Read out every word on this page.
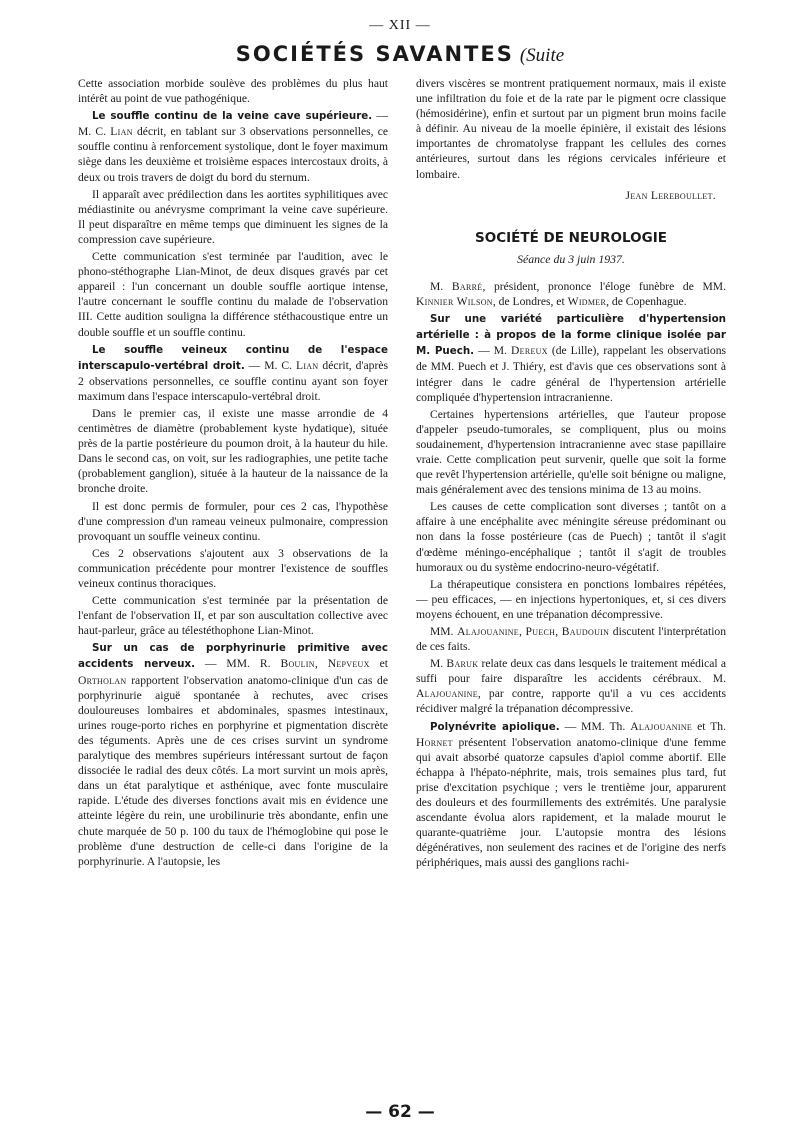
— XII —
SOCIÉTÉS SAVANTES (Suite

Cette association morbide soulève des problèmes du plus haut intérêt au point de vue pathogénique.

Le souffle continu de la veine cave supérieure. — M. C. Lian décrit, en tablant sur 3 observations personnelles, ce souffle continu à renforcement systolique, dont le foyer maximum siège dans les deuxième et troisième espaces intercostaux droits, à deux ou trois travers de doigt du bord du sternum.

Il apparaît avec prédilection dans les aortites syphilitiques avec médiastinite ou anévrysme comprimant la veine cave supérieure. Il peut disparaître en même temps que diminuent les signes de la compression cave supérieure.

Cette communication s'est terminée par l'audition, avec le phono-stéthographe Lian-Minot, de deux disques gravés par cet appareil : l'un concernant un double souffle aortique intense, l'autre concernant le souffle continu du malade de l'observation III. Cette audition souligna la différence stéthacoustique entre un double souffle et un souffle continu.

Le souffle veineux continu de l'espace interscapulo-vertébral droit. — M. C. Lian décrit, d'après 2 observations personnelles, ce souffle continu ayant son foyer maximum dans l'espace interscapulo-vertébral droit.

Dans le premier cas, il existe une masse arrondie de 4 centimètres de diamètre (probablement kyste hydatique), située près de la partie postérieure du poumon droit, à la hauteur du hile. Dans le second cas, on voit, sur les radiographies, une petite tache (probablement ganglion), située à la hauteur de la naissance de la bronche droite.

Il est donc permis de formuler, pour ces 2 cas, l'hypothèse d'une compression d'un rameau veineux pulmonaire, compression provoquant un souffle veineux continu.

Ces 2 observations s'ajoutent aux 3 observations de la communication précédente pour montrer l'existence de souffles veineux continus thoraciques.

Cette communication s'est terminée par la présentation de l'enfant de l'observation II, et par son auscultation collective avec haut-parleur, grâce au télestéthophone Lian-Minot.

Sur un cas de porphyrinurie primitive avec accidents nerveux. — MM. R. Boulin, Nepveux et Ortholan rapportent l'observation anatomo-clinique d'un cas de porphyrinurie aiguë spontanée à rechutes, avec crises douloureuses lombaires et abdominales, spasmes intestinaux, urines rouge-porto riches en porphyrine et pigmentation discrète des téguments. Après une de ces crises survint un syndrome paralytique des membres supérieurs intéressant surtout de façon dissociée le radial des deux côtés. La mort survint un mois après, dans un état paralytique et asthénique, avec fonte musculaire rapide. L'étude des diverses fonctions avait mis en évidence une atteinte légère du rein, une urobilinurie très abondante, enfin une chute marquée de 50 p. 100 du taux de l'hémoglobine qui pose le problème d'une destruction de celle-ci dans l'origine de la porphyrinurie. A l'autopsie, les

divers viscères se montrent pratiquement normaux, mais il existe une infiltration du foie et de la rate par le pigment ocre classique (hémosidérine), enfin et surtout par un pigment brun moins facile à définir. Au niveau de la moelle épinière, il existait des lésions importantes de chromatolyse frappant les cellules des cornes antérieures, surtout dans les régions cervicales inférieure et lombaire.

Jean Lereboullet.
SOCIÉTÉ DE NEUROLOGIE
Séance du 3 juin 1937.

M. Barré, président, prononce l'éloge funèbre de MM. Kinnier Wilson, de Londres, et Widmer, de Copenhague.

Sur une variété particulière d'hypertension artérielle : à propos de la forme clinique isolée par M. Puech. — M. Dereux (de Lille), rappelant les observations de MM. Puech et J. Thiéry, est d'avis que ces observations sont à intégrer dans le cadre général de l'hypertension artérielle compliquée d'hypertension intracranienne.

Certaines hypertensions artérielles, que l'auteur propose d'appeler pseudo-tumorales, se compliquent, plus ou moins soudainement, d'hypertension intracranienne avec stase papillaire vraie. Cette complication peut survenir, quelle que soit la forme que revêt l'hypertension artérielle, qu'elle soit bénigne ou maligne, mais généralement avec des tensions minima de 13 au moins.

Les causes de cette complication sont diverses ; tantôt on a affaire à une encéphalite avec méningite séreuse prédominant ou non dans la fosse postérieure (cas de Puech) ; tantôt il s'agit d'œdème méningo-encéphalique ; tantôt il s'agit de troubles humoraux ou du système endocrino-neuro-végétatif.

La thérapeutique consistera en ponctions lombaires répétées, — peu efficaces, — en injections hypertoniques, et, si ces divers moyens échouent, en une trépanation décompressive.

MM. Alajouanine, Puech, Baudouin discutent l'interprétation de ces faits.

M. Baruk relate deux cas dans lesquels le traitement médical a suffi pour faire disparaître les accidents cérébraux. M. Alajouanine, par contre, rapporte qu'il a vu ces accidents récidiver malgré la trépanation décompressive.

Polynévrite apiolique. — MM. Th. Alajouanine et Th. Hornet présentent l'observation anatomo-clinique d'une femme qui avait absorbé quatorze capsules d'apiol comme abortif. Elle échappa à l'hépato-néphrite, mais, trois semaines plus tard, fut prise d'excitation psychique ; vers le trentième jour, apparurent des douleurs et des fourmillements des extrémités. Une paralysie ascendante évolua alors rapidement, et la malade mourut le quarante-quatrième jour. L'autopsie montra des lésions dégénératives, non seulement des racines et de l'origine des nerfs périphériques, mais aussi des ganglions rachi-

— 62 —
